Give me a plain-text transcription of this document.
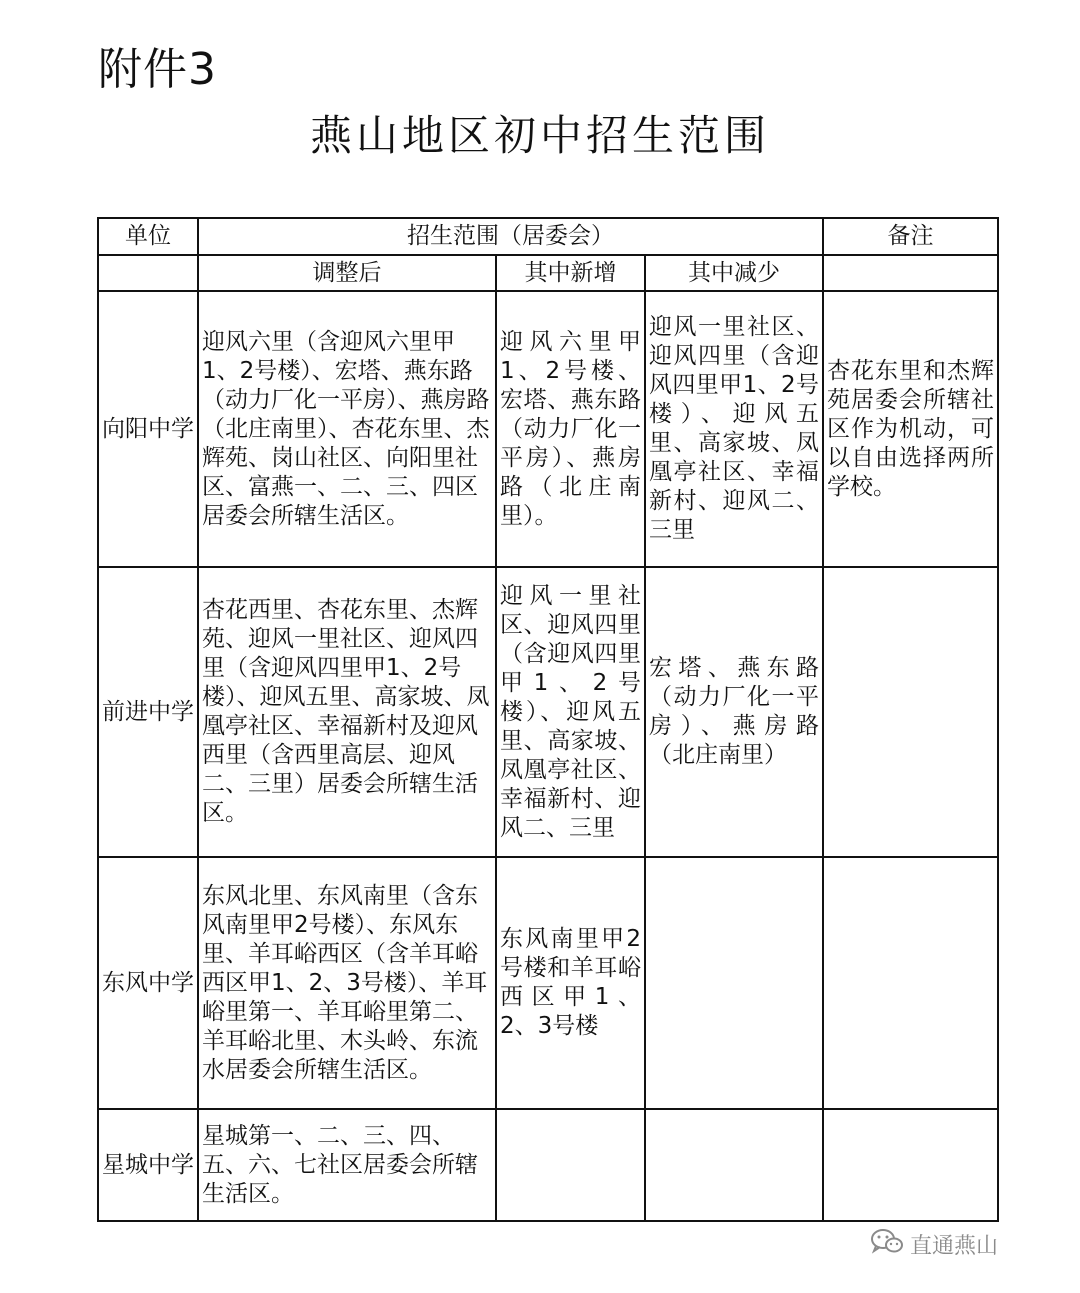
附件3
燕山地区初中招生范围
单位	招生范围（居委会）			备注
	调整后	其中新增	其中减少	
向阳中学	迎风六里（含迎风六里甲1、2号楼）、宏塔、燕东路（动力厂化一平房）、燕房路（北庄南里）、杏花东里、杰辉苑、岗山社区、向阳里社区、富燕一、二、三、四区居委会所辖生活区。	迎风六里甲1、2号楼、宏塔、燕东路（动力厂化一平房）、燕房路（北庄南里）。	迎风一里社区、迎风四里（含迎风四里甲1、2号楼）、迎风五里、高家坡、凤凰亭社区、幸福新村、迎风二、三里	杏花东里和杰辉苑居委会所辖社区作为机动，可以自由选择两所学校。
前进中学	杏花西里、杏花东里、杰辉苑、迎风一里社区、迎风四里（含迎风四里甲1、2号楼）、迎风五里、高家坡、凤凰亭社区、幸福新村及迎风西里（含西里高层、迎风二、三里）居委会所辖生活区。	迎风一里社区、迎风四里（含迎风四里甲1、2号楼）、迎风五里、高家坡、凤凰亭社区、幸福新村、迎风二、三里	宏塔、燕东路（动力厂化一平房）、燕房路（北庄南里）	
东风中学	东风北里、东风南里（含东风南里甲2号楼）、东风东里、羊耳峪西区（含羊耳峪西区甲1、2、3号楼）、羊耳峪里第一、羊耳峪里第二、羊耳峪北里、木头岭、东流水居委会所辖生活区。	东风南里甲2号楼和羊耳峪西区甲1、2、3号楼		
星城中学	星城第一、二、三、四、五、六、七社区居委会所辖生活区。			
直通燕山
